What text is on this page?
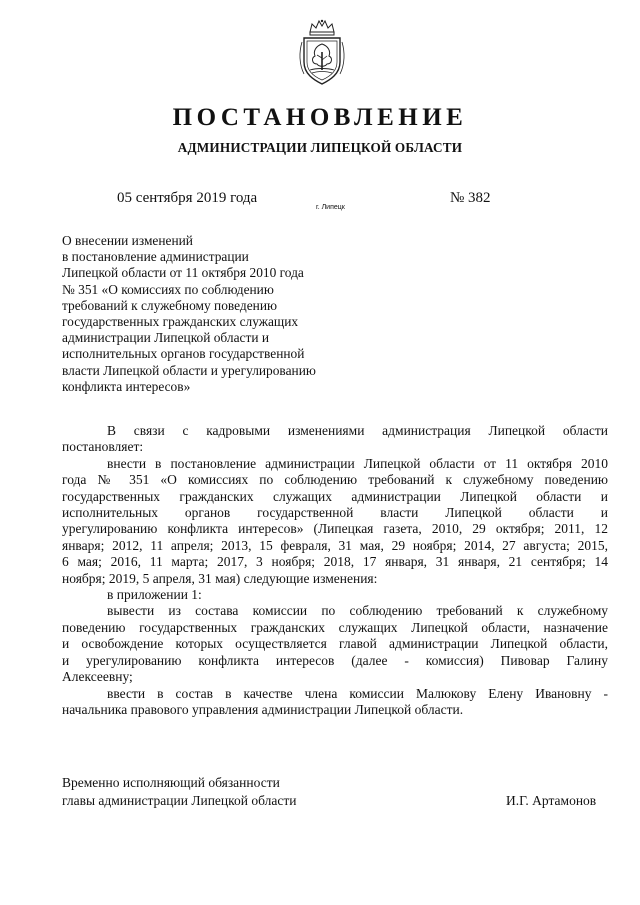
ПОСТАНОВЛЕНИЕ
АДМИНИСТРАЦИИ ЛИПЕЦКОЙ ОБЛАСТИ
05 сентября 2019 года
г. Липецк
№ 382
О внесении изменений
в постановление администрации
Липецкой области от 11 октября 2010 года
№ 351 «О комиссиях по соблюдению
требований к служебному поведению
государственных гражданских служащих
администрации Липецкой области и
исполнительных органов государственной
власти Липецкой области и урегулированию
конфликта интересов»
В связи с кадровыми изменениями администрация Липецкой области
постановляет:
внести в постановление администрации Липецкой области от 11 октября 2010
года № 351 «О комиссиях по соблюдению требований к служебному поведению
государственных гражданских служащих администрации Липецкой области и
исполнительных органов государственной власти Липецкой области и
урегулированию конфликта интересов» (Липецкая газета, 2010, 29 октября; 2011, 12
января; 2012, 11 апреля; 2013, 15 февраля, 31 мая, 29 ноября; 2014, 27 августа; 2015,
6 мая; 2016, 11 марта; 2017, 3 ноября; 2018, 17 января, 31 января, 21 сентября; 14
ноября; 2019, 5 апреля, 31 мая) следующие изменения:
в приложении 1:
вывести из состава комиссии по соблюдению требований к служебному
поведению государственных гражданских служащих Липецкой области, назначение
и освобождение которых осуществляется главой администрации Липецкой области,
и урегулированию конфликта интересов (далее - комиссия) Пивовар Галину
Алексеевну;
ввести в состав в качестве члена комиссии Малюкову Елену Ивановну -
начальника правового управления администрации Липецкой области.
Временно исполняющий обязанности
главы администрации Липецкой области	И.Г. Артамонов
